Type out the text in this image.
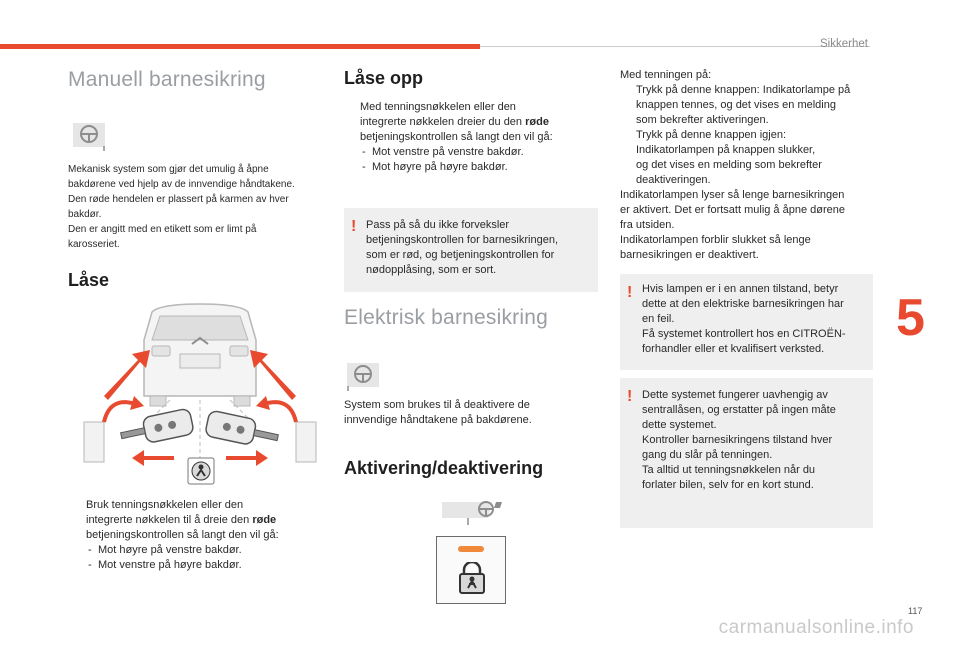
Sikkerhet
5
117
Manuell barnesikring
Mekanisk system som gjør det umulig å åpne
bakdørene ved hjelp av de innvendige håndtakene.
Den røde hendelen er plassert på karmen av hver
bakdør.
Den er angitt med en etikett som er limt på
karosseriet.
Låse
Bruk tenningsnøkkelen eller den
integrerte nøkkelen til å dreie den røde
betjeningskontrollen så langt den vil gå:
- Mot høyre på venstre bakdør.
- Mot venstre på høyre bakdør.
Låse opp
Med tenningsnøkkelen eller den
integrerte nøkkelen dreier du den røde
betjeningskontrollen så langt den vil gå:
- Mot venstre på venstre bakdør.
- Mot høyre på høyre bakdør.
! Pass på så du ikke forveksler
betjeningskontrollen for barnesikringen,
som er rød, og betjeningskontrollen for
nødopplåsing, som er sort.
Elektrisk barnesikring
System som brukes til å deaktivere de
innvendige håndtakene på bakdørene.
Aktivering/deaktivering
Med tenningen på:
Trykk på denne knappen: Indikatorlampe på
knappen tennes, og det vises en melding
som bekrefter aktiveringen.
Trykk på denne knappen igjen:
Indikatorlampen på knappen slukker,
og det vises en melding som bekrefter
deaktiveringen.
Indikatorlampen lyser så lenge barnesikringen
er aktivert. Det er fortsatt mulig å åpne dørene
fra utsiden.
Indikatorlampen forblir slukket så lenge
barnesikringen er deaktivert.
! Hvis lampen er i en annen tilstand, betyr
dette at den elektriske barnesikringen har
en feil.
Få systemet kontrollert hos en CITROËN-
forhandler eller et kvalifisert verksted.
! Dette systemet fungerer uavhengig av
sentrallåsen, og erstatter på ingen måte
dette systemet.
Kontroller barnesikringens tilstand hver
gang du slår på tenningen.
Ta alltid ut tenningsnøkkelen når du
forlater bilen, selv for en kort stund.
carmanualsonline.info
